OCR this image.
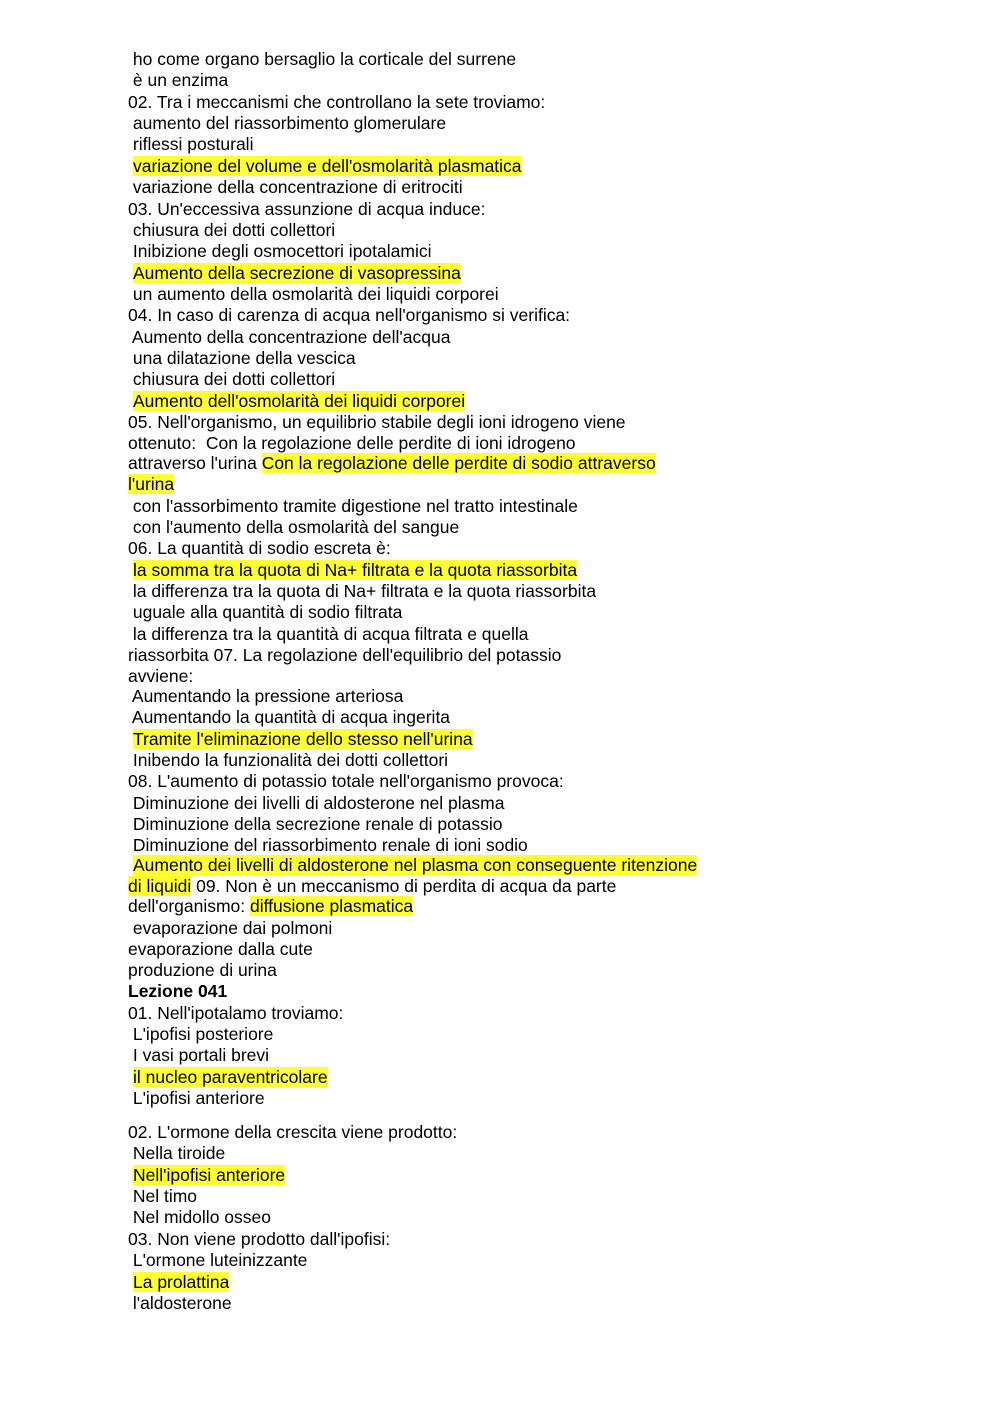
ho come organo bersaglio la corticale del surrene
è un enzima
02. Tra i meccanismi che controllano la sete troviamo:
aumento del riassorbimento glomerulare
riflessi posturali
variazione del volume e dell'osmolarità plasmatica
variazione della concentrazione di eritrociti
03. Un'eccessiva assunzione di acqua induce:
chiusura dei dotti collettori
Inibizione degli osmocettori ipotalamici
Aumento della secrezione di vasopressina
un aumento della osmolarità dei liquidi corporei
04. In caso di carenza di acqua nell'organismo si verifica:
Aumento della concentrazione dell'acqua
una dilatazione della vescica
chiusura dei dotti collettori
Aumento dell'osmolarità dei liquidi corporei
05. Nell'organismo, un equilibrio stabile degli ioni idrogeno viene
ottenuto:  Con la regolazione delle perdite di ioni idrogeno
attraverso l'urina Con la regolazione delle perdite di sodio attraverso
l'urina
con l'assorbimento tramite digestione nel tratto intestinale
con l'aumento della osmolarità del sangue
06. La quantità di sodio escreta è:
la somma tra la quota di Na+ filtrata e la quota riassorbita
la differenza tra la quota di Na+ filtrata e la quota riassorbita
uguale alla quantità di sodio filtrata
la differenza tra la quantità di acqua filtrata e quella
riassorbita 07. La regolazione dell'equilibrio del potassio
avviene:
Aumentando la pressione arteriosa
Aumentando la quantità di acqua ingerita
Tramite l'eliminazione dello stesso nell'urina
Inibendo la funzionalità dei dotti collettori
08. L'aumento di potassio totale nell'organismo provoca:
Diminuzione dei livelli di aldosterone nel plasma
Diminuzione della secrezione renale di potassio
Diminuzione del riassorbimento renale di ioni sodio
Aumento dei livelli di aldosterone nel plasma con conseguente ritenzione
di liquidi 09. Non è un meccanismo di perdita di acqua da parte
dell'organismo: diffusione plasmatica
evaporazione dai polmoni
evaporazione dalla cute
produzione di urina
Lezione 041
01. Nell'ipotalamo troviamo:
L'ipofisi posteriore
I vasi portali brevi
il nucleo paraventricolare
L'ipofisi anteriore
02. L'ormone della crescita viene prodotto:
Nella tiroide
Nell'ipofisi anteriore
Nel timo
Nel midollo osseo
03. Non viene prodotto dall'ipofisi:
L'ormone luteinizzante
La prolattina
l'aldosterone
